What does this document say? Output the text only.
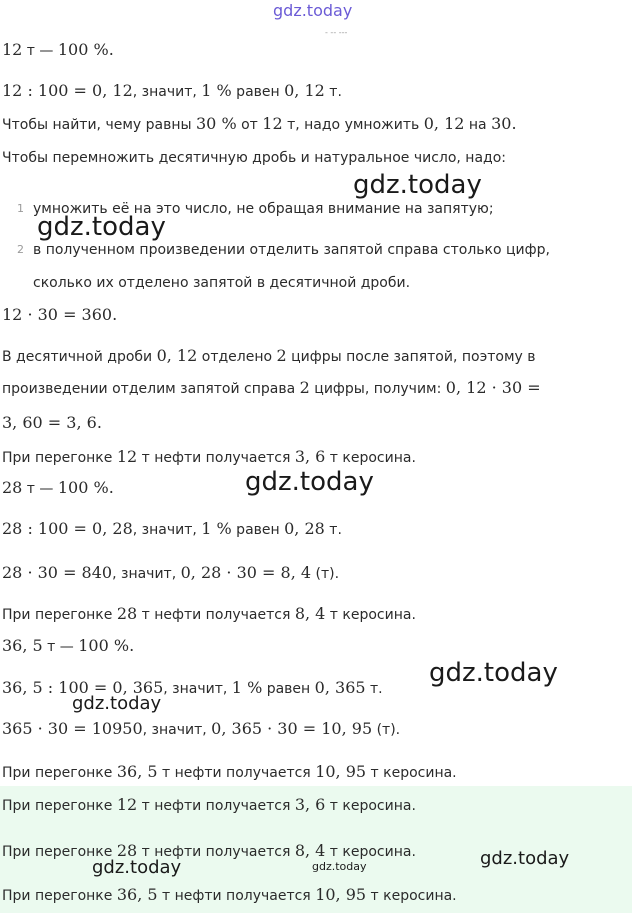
gdz.today
- -- ---
12 т — 100 %.
12 : 100 = 0, 12, значит, 1 % равен 0, 12 т.
Чтобы найти, чему равны 30 % от 12 т, надо умножить 0, 12 на 30.
Чтобы перемножить десятичную дробь и натуральное число, надо:
gdz.today
1 умножить её на это число, не обращая внимание на запятую;
gdz.today
2 в полученном произведении отделить запятой справа столько цифр,
сколько их отделено запятой в десятичной дроби.
12 · 30 = 360.
В десятичной дроби 0, 12 отделено 2 цифры после запятой, поэтому в
произведении отделим запятой справа 2 цифры, получим: 0, 12 · 30 =
3, 60 = 3, 6.
При перегонке 12 т нефти получается 3, 6 т керосина.
28 т — 100 %.	gdz.today
28 : 100 = 0, 28, значит, 1 % равен 0, 28 т.
28 · 30 = 840, значит, 0, 28 · 30 = 8, 4 (т).
При перегонке 28 т нефти получается 8, 4 т керосина.
36, 5 т — 100 %.
gdz.today
36, 5 : 100 = 0, 365, значит, 1 % равен 0, 365 т.
gdz.today
365 · 30 = 10950, значит, 0, 365 · 30 = 10, 95 (т).
При перегонке 36, 5 т нефти получается 10, 95 т керосина.
При перегонке 12 т нефти получается 3, 6 т керосина.
При перегонке 28 т нефти получается 8, 4 т керосина.
gdz.today	gdz.today	gdz.today
При перегонке 36, 5 т нефти получается 10, 95 т керосина.
